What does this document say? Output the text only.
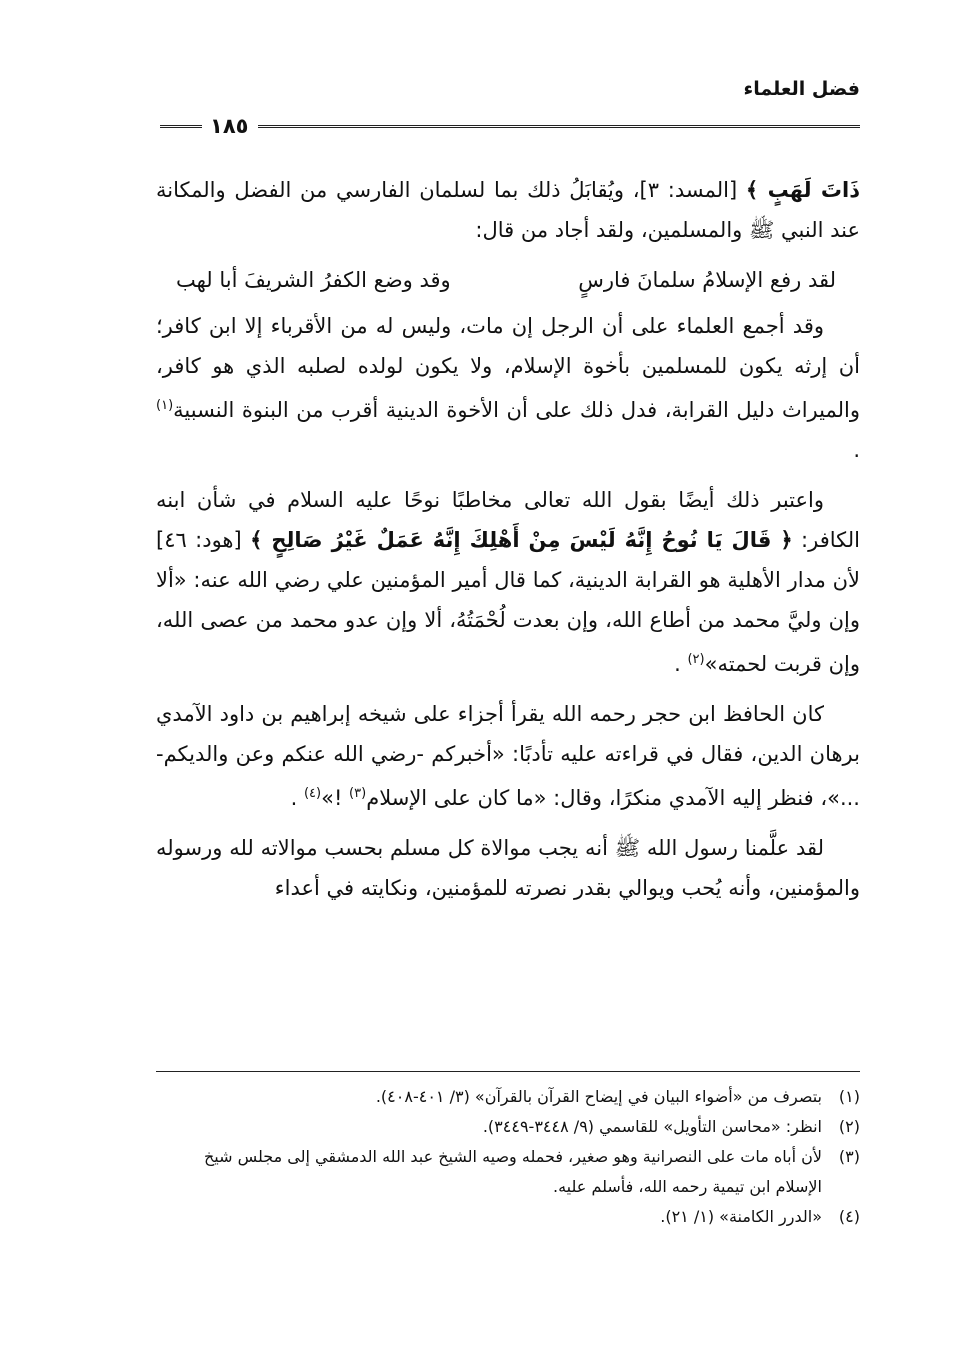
فضل العلماء
١٨٥

ذَاتَ لَهَبٍ ﴾ [المسد: ٣]، ويُقابَلُ ذلك بما لسلمان الفارسي من الفضل والمكانة عند النبي ﷺ والمسلمين، ولقد أجاد من قال:

لقد رفع الإسلامُ سلمانَ فارسٍ
وقد وضع الكفرُ الشريفَ أبا لهب

وقد أجمع العلماء على أن الرجل إن مات، وليس له من الأقرباء إلا ابن كافر؛ أن إرثه يكون للمسلمين بأخوة الإسلام، ولا يكون لولده لصلبه الذي هو كافر، والميراث دليل القرابة، فدل ذلك على أن الأخوة الدينية أقرب من البنوة النسبية$^{(١)}$ .

واعتبر ذلك أيضًا بقول الله تعالى مخاطبًا نوحًا عليه السلام في شأن ابنه الكافر: ﴿ قَالَ يَا نُوحُ إِنَّهُ لَيْسَ مِنْ أَهْلِكَ إِنَّهُ عَمَلٌ غَيْرُ صَالِحٍ ﴾ [هود: ٤٦] لأن مدار الأهلية هو القرابة الدينية، كما قال أمير المؤمنين علي رضي الله عنه: «ألا وإن وليَّ محمد من أطاع الله، وإن بعدت لُحْمَتُهُ، ألا وإن عدو محمد من عصى الله، وإن قربت لحمته»$^{(٢)}$ .

كان الحافظ ابن حجر رحمه الله يقرأ أجزاء على شيخه إبراهيم بن داود الآمدي برهان الدين، فقال في قراءته عليه تأدبًا: «أخبركم -رضي الله عنكم وعن والديكم- ...»، فنظر إليه الآمدي منكرًا، وقال: «ما كان على الإسلام$^{(٣)}$ !»$^{(٤)}$ .

لقد علَّمنا رسول الله ﷺ أنه يجب موالاة كل مسلم بحسب موالاته لله ورسوله والمؤمنين، وأنه يُحب ويوالي بقدر نصرته للمؤمنين، ونكايته في أعداء

(١)
بتصرف من «أضواء البيان في إيضاح القرآن بالقرآن» (٣/ ٤٠١-٤٠٨).
(٢)
انظر: «محاسن التأويل» للقاسمي (٩/ ٣٤٤٨-٣٤٤٩).
(٣)
لأن أباه مات على النصرانية وهو صغير، فحمله وصيه الشيخ عبد الله الدمشقي إلى مجلس شيخ الإسلام ابن تيمية رحمه الله، فأسلم عليه.
(٤)
«الدرر الكامنة» (١/ ٢١).
